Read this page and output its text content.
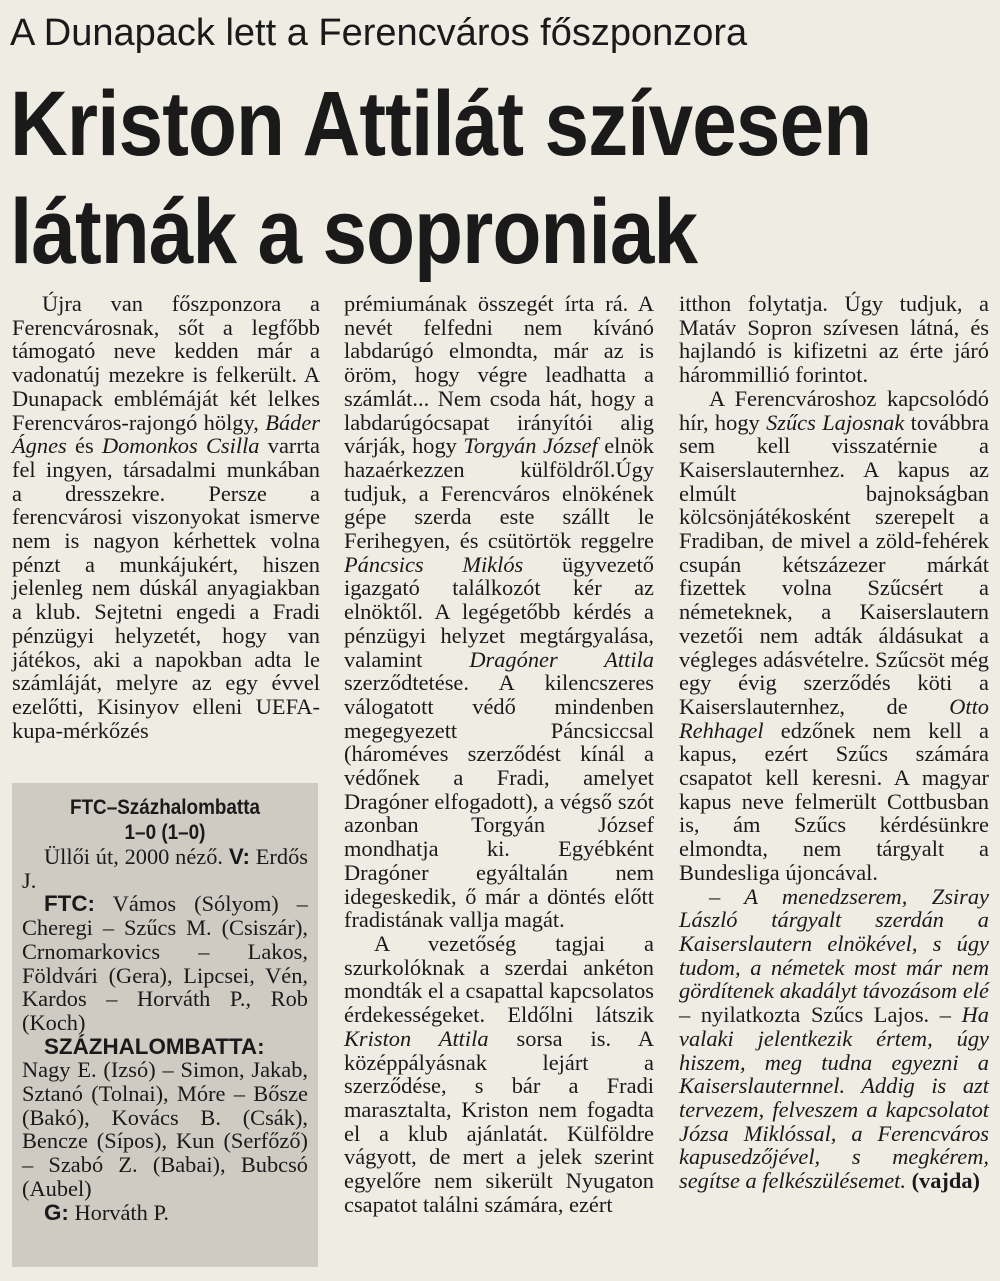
A Dunapack lett a Ferencváros főszponzora
Kriston Attilát szívesen
látnák a soproniak

Újra van főszponzora a Ferencvárosnak, sőt a legfőbb támogató neve kedden már a vadonatúj mezekre is felkerült. A Dunapack emblémáját két lelkes Ferencváros-rajongó hölgy, Báder Ágnes és Domonkos Csilla varrta fel ingyen, társadalmi munkában a dresszekre. Persze a ferencvárosi viszonyokat ismerve nem is nagyon kérhettek volna pénzt a munkájukért, hiszen jelenleg nem dúskál anyagiakban a klub. Sejtetni engedi a Fradi pénzügyi helyzetét, hogy van játékos, aki a napokban adta le számláját, melyre az egy évvel ezelőtti, Kisinyov elleni UEFA-kupa-mérkőzés

FTC–Százhalombatta
1–0 (1–0)

Üllői út, 2000 néző. V: Erdős J.

FTC: Vámos (Sólyom) – Cheregi – Szűcs M. (Csiszár), Crnomarkovics – Lakos, Földvári (Gera), Lipcsei, Vén, Kardos – Horváth P., Rob (Koch)

SZÁZHALOMBATTA: Nagy E. (Izsó) – Simon, Jakab, Sztanó (Tolnai), Móre – Bősze (Bakó), Kovács B. (Csák), Bencze (Sípos), Kun (Serfőző) – Szabó Z. (Babai), Bubcsó (Aubel)

G: Horváth P.

prémiumának összegét írta rá. A nevét felfedni nem kívánó labdarúgó elmondta, már az is öröm, hogy végre leadhatta a számlát... Nem csoda hát, hogy a labdarúgócsapat irányítói alig várják, hogy Torgyán József elnök hazaérkezzen külföldről.Úgy tudjuk, a Ferencváros elnökének gépe szerda este szállt le Ferihegyen, és csütörtök reggelre Páncsics Miklós ügyvezető igazgató találkozót kér az elnöktől. A legégetőbb kérdés a pénzügyi helyzet megtárgyalása, valamint Dragóner Attila szerződtetése. A kilencszeres válogatott védő mindenben megegyezett Páncsiccsal (hároméves szerződést kínál a védőnek a Fradi, amelyet Dragóner elfogadott), a végső szót azonban Torgyán József mondhatja ki. Egyébként Dragóner egyáltalán nem idegeskedik, ő már a döntés előtt fradistának vallja magát.

A vezetőség tagjai a szurkolóknak a szerdai ankéton mondták el a csapattal kapcsolatos érdekességeket. Eldőlni látszik Kriston Attila sorsa is. A középpályásnak lejárt a szerződése, s bár a Fradi marasztalta, Kriston nem fogadta el a klub ajánlatát. Külföldre vágyott, de mert a jelek szerint egyelőre nem sikerült Nyugaton csapatot találni számára, ezért

itthon folytatja. Úgy tudjuk, a Matáv Sopron szívesen látná, és hajlandó is kifizetni az érte járó hárommillió forintot.

A Ferencvároshoz kapcsolódó hír, hogy Szűcs Lajosnak továbbra sem kell visszatérnie a Kaiserslauternhez. A kapus az elmúlt bajnokságban kölcsönjátékosként szerepelt a Fradiban, de mivel a zöld-fehérek csupán kétszázezer márkát fizettek volna Szűcsért a németeknek, a Kaiserslautern vezetői nem adták áldásukat a végleges adásvételre. Szűcsöt még egy évig szerződés köti a Kaiserslauternhez, de Otto Rehhagel edzőnek nem kell a kapus, ezért Szűcs számára csapatot kell keresni. A magyar kapus neve felmerült Cottbusban is, ám Szűcs kérdésünkre elmondta, nem tárgyalt a Bundesliga újoncával.

– A menedzserem, Zsiray László tárgyalt szerdán a Kaiserslautern elnökével, s úgy tudom, a németek most már nem gördítenek akadályt távozásom elé – nyilatkozta Szűcs Lajos. – Ha valaki jelentkezik értem, úgy hiszem, meg tudna egyezni a Kaiserslauternnel. Addig is azt tervezem, felveszem a kapcsolatot Józsa Miklóssal, a Ferencváros kapusedzőjével, s megkérem, segítse a felkészülésemet. (vajda)
